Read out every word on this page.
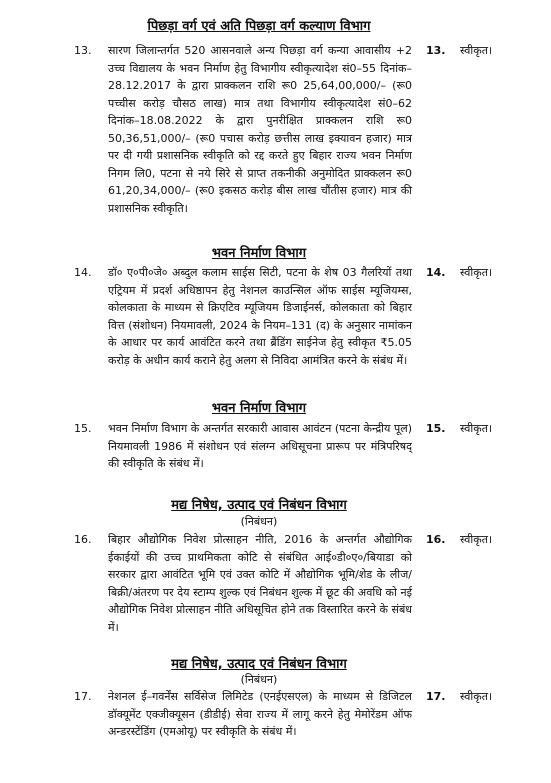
पिछड़ा वर्ग एवं अति पिछड़ा वर्ग कल्याण विभाग
13. सारण जिलान्तर्गत 520 आसनवाले अन्य पिछड़ा वर्ग कन्या आवासीय +2 उच्च विद्यालय के भवन निर्माण हेतु विभागीय स्वीकृत्यादेश सं0–55 दिनांक–28.12.2017 के द्वारा प्राक्कलन राशि रू0 25,64,00,000/– (रू0 पच्चीस करोड़ चौसठ लाख) मात्र तथा विभागीय स्वीकृत्यादेश सं0–62 दिनांक–18.08.2022 के द्वारा पुनरीक्षित प्राक्कलन राशि रू0 50,36,51,000/– (रू0 पचास करोड़ छत्तीस लाख इक्यावन हजार) मात्र पर दी गयी प्रशासनिक स्वीकृति को रद्द करते हुए बिहार राज्य भवन निर्माण निगम लि0, पटना से नये सिरे से प्राप्त तकनीकी अनुमोदित प्राक्कलन रू0 61,20,34,000/– (रू0 इकसठ करोड़ बीस लाख चौंतीस हजार) मात्र की प्रशासनिक स्वीकृति।
13. स्वीकृत।
भवन निर्माण विभाग
14. डॉ० ए०पी०जे० अब्दुल कलाम साईस सिटी, पटना के शेष 03 गैलरियों तथा एट्रियम में प्रदर्श अधिष्ठापन हेतु नेशनल काउन्सिल ऑफ साईस म्यूजियम्स, कोलकाता के माध्यम से क्रिएटिव म्यूजियम डिजाईनर्स, कोलकाता को बिहार वित्त (संशोधन) नियमावली, 2024 के नियम–131 (द) के अनुसार नामांकन के आधार पर कार्य आवंटित करने तथा ब्रैंडिंग साईनेज हेतु स्वीकृत ₹5.05 करोड़ के अधीन कार्य कराने हेतु अलग से निविदा आमंत्रित करने के संबंध में।
14. स्वीकृत।
भवन निर्माण विभाग
15. भवन निर्माण विभाग के अन्तर्गत सरकारी आवास आवंटन (पटना केन्द्रीय पूल) नियमावली 1986 में संशोधन एवं संलग्न अधिसूचना प्रारूप पर मंत्रिपरिषद् की स्वीकृति के संबंध में।
15. स्वीकृत।
मद्य निषेध, उत्पाद एवं निबंधन विभाग
(निबंधन)
16. बिहार औद्योगिक निवेश प्रोत्साहन नीति, 2016 के अन्तर्गत औद्योगिक ईकाईयों की उच्च प्राथमिकता कोटि से संबंधित आई०डी०ए०/बियाडा को सरकार द्वारा आवंटित भूमि एवं उक्त कोटि में औद्योगिक भूमि/शेड के लीज/बिक्री/अंतरण पर देय स्टाम्प शुल्क एवं निबंधन शुल्क में छूट की अवधि को नई औद्योगिक निवेश प्रोत्साहन नीति अधिसूचित होने तक विस्तारित करने के संबंध में।
16. स्वीकृत।
मद्य निषेध, उत्पाद एवं निबंधन विभाग
(निबंधन)
17. नेशनल ई–गवर्नेंस सर्विसेज लिमिटेड (एनईएसएल) के माध्यम से डिजिटल डॉक्यूमेंट एक्जीक्यूसन (डीडीई) सेवा राज्य में लागू करने हेतु मेमोरेंडम ऑफ अन्डरस्टेंडिंग (एमओयू) पर स्वीकृति के संबंध में।
17. स्वीकृत।
